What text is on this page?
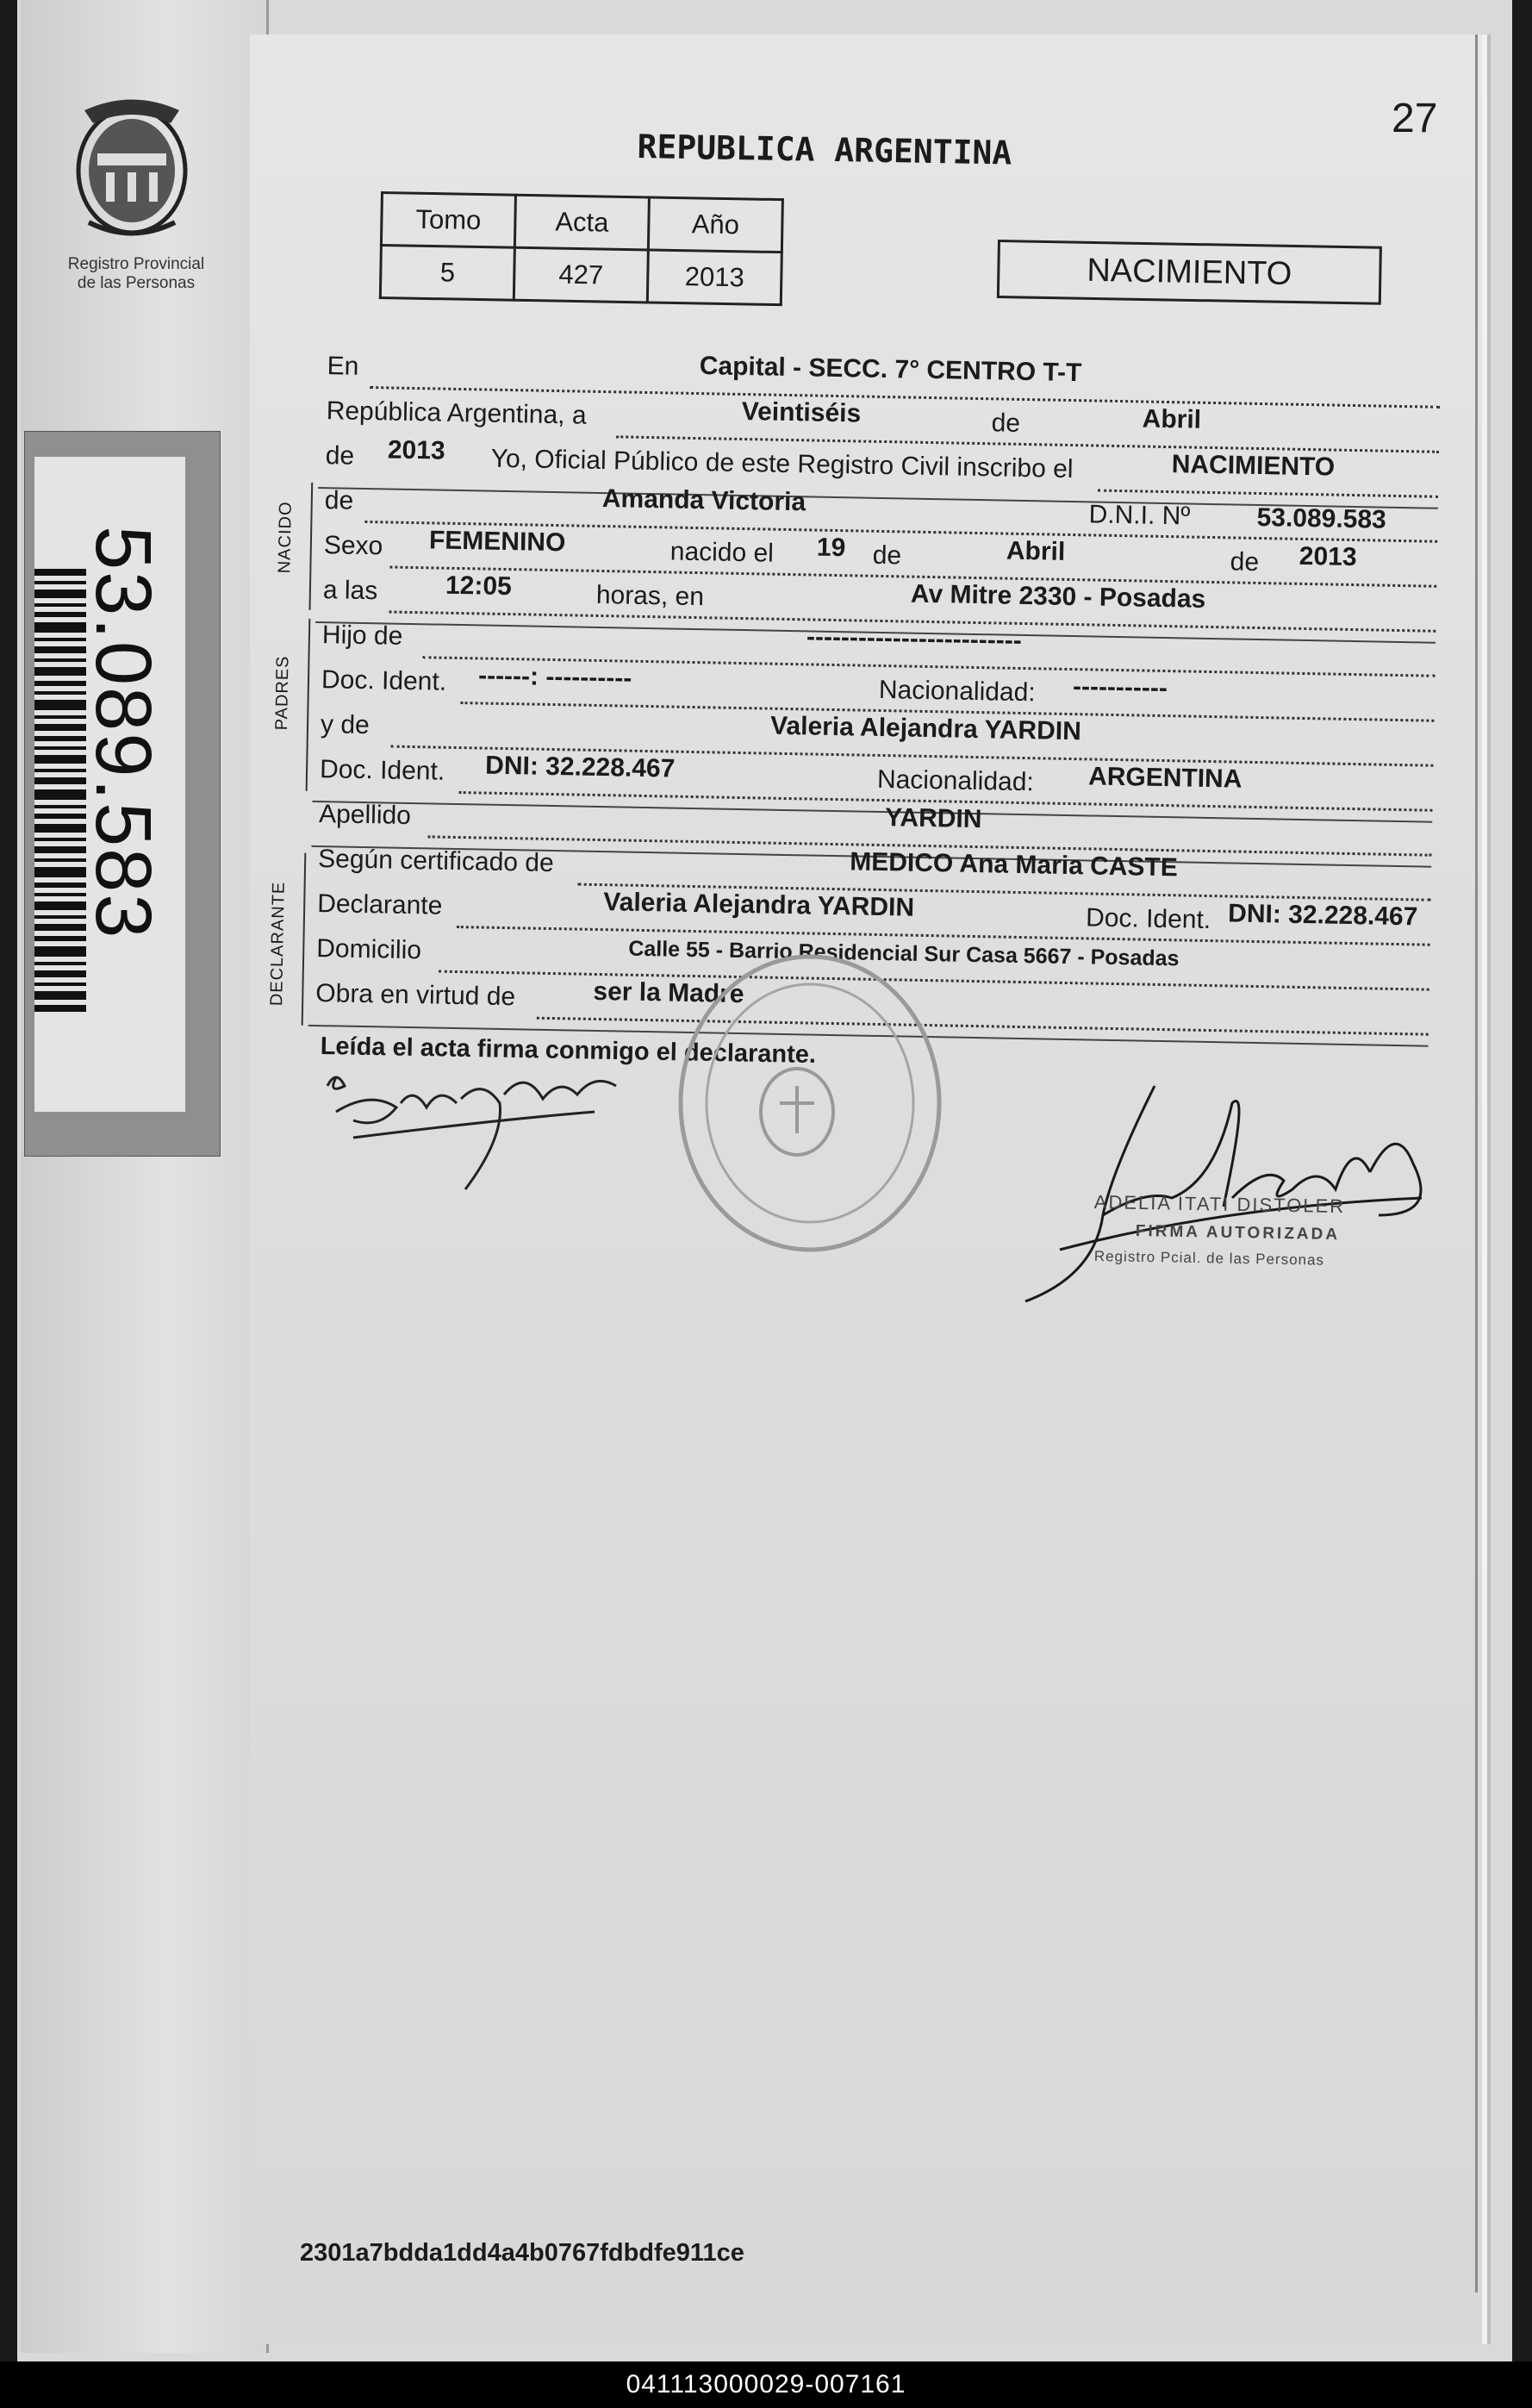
Registro Provincial
de las Personas
53.089.583
27
REPUBLICA ARGENTINA
Tomo	Acta	Año
5	427	2013	NACIMIENTO
NACIDO
PADRES
DECLARANTE
En	Capital - SECC. 7° CENTRO T-T
República Argentina, a	Veintiséis	de	Abril
de 2013 Yo, Oficial Público de este Registro Civil inscribo el	NACIMIENTO
de	Amanda Victoria	D.N.I. Nº	53.089.583
Sexo FEMENINO	nacido el 19 de	Abril	de 2013
a las	12:05	horas, en	Av Mitre 2330 - Posadas
Hijo de	-------------------------
Doc. Ident. ------: ----------	Nacionalidad: -----------
y de	Valeria Alejandra YARDIN
Doc. Ident. DNI: 32.228.467	Nacionalidad: ARGENTINA
Apellido	YARDIN
Según certificado de	MEDICO Ana Maria CASTE
Declarante	Valeria Alejandra YARDIN	Doc. Ident. DNI: 32.228.467
Domicilio	Calle 55 - Barrio Residencial Sur Casa 5667 - Posadas
Obra en virtud de	ser la Madre
Leída el acta firma conmigo el declarante.
ADELIA ITATI DISTOLER
FIRMA AUTORIZADA
Registro Pcial. de las Personas
2301a7bdda1dd4a4b0767fdbdfe911ce
041113000029-007161
